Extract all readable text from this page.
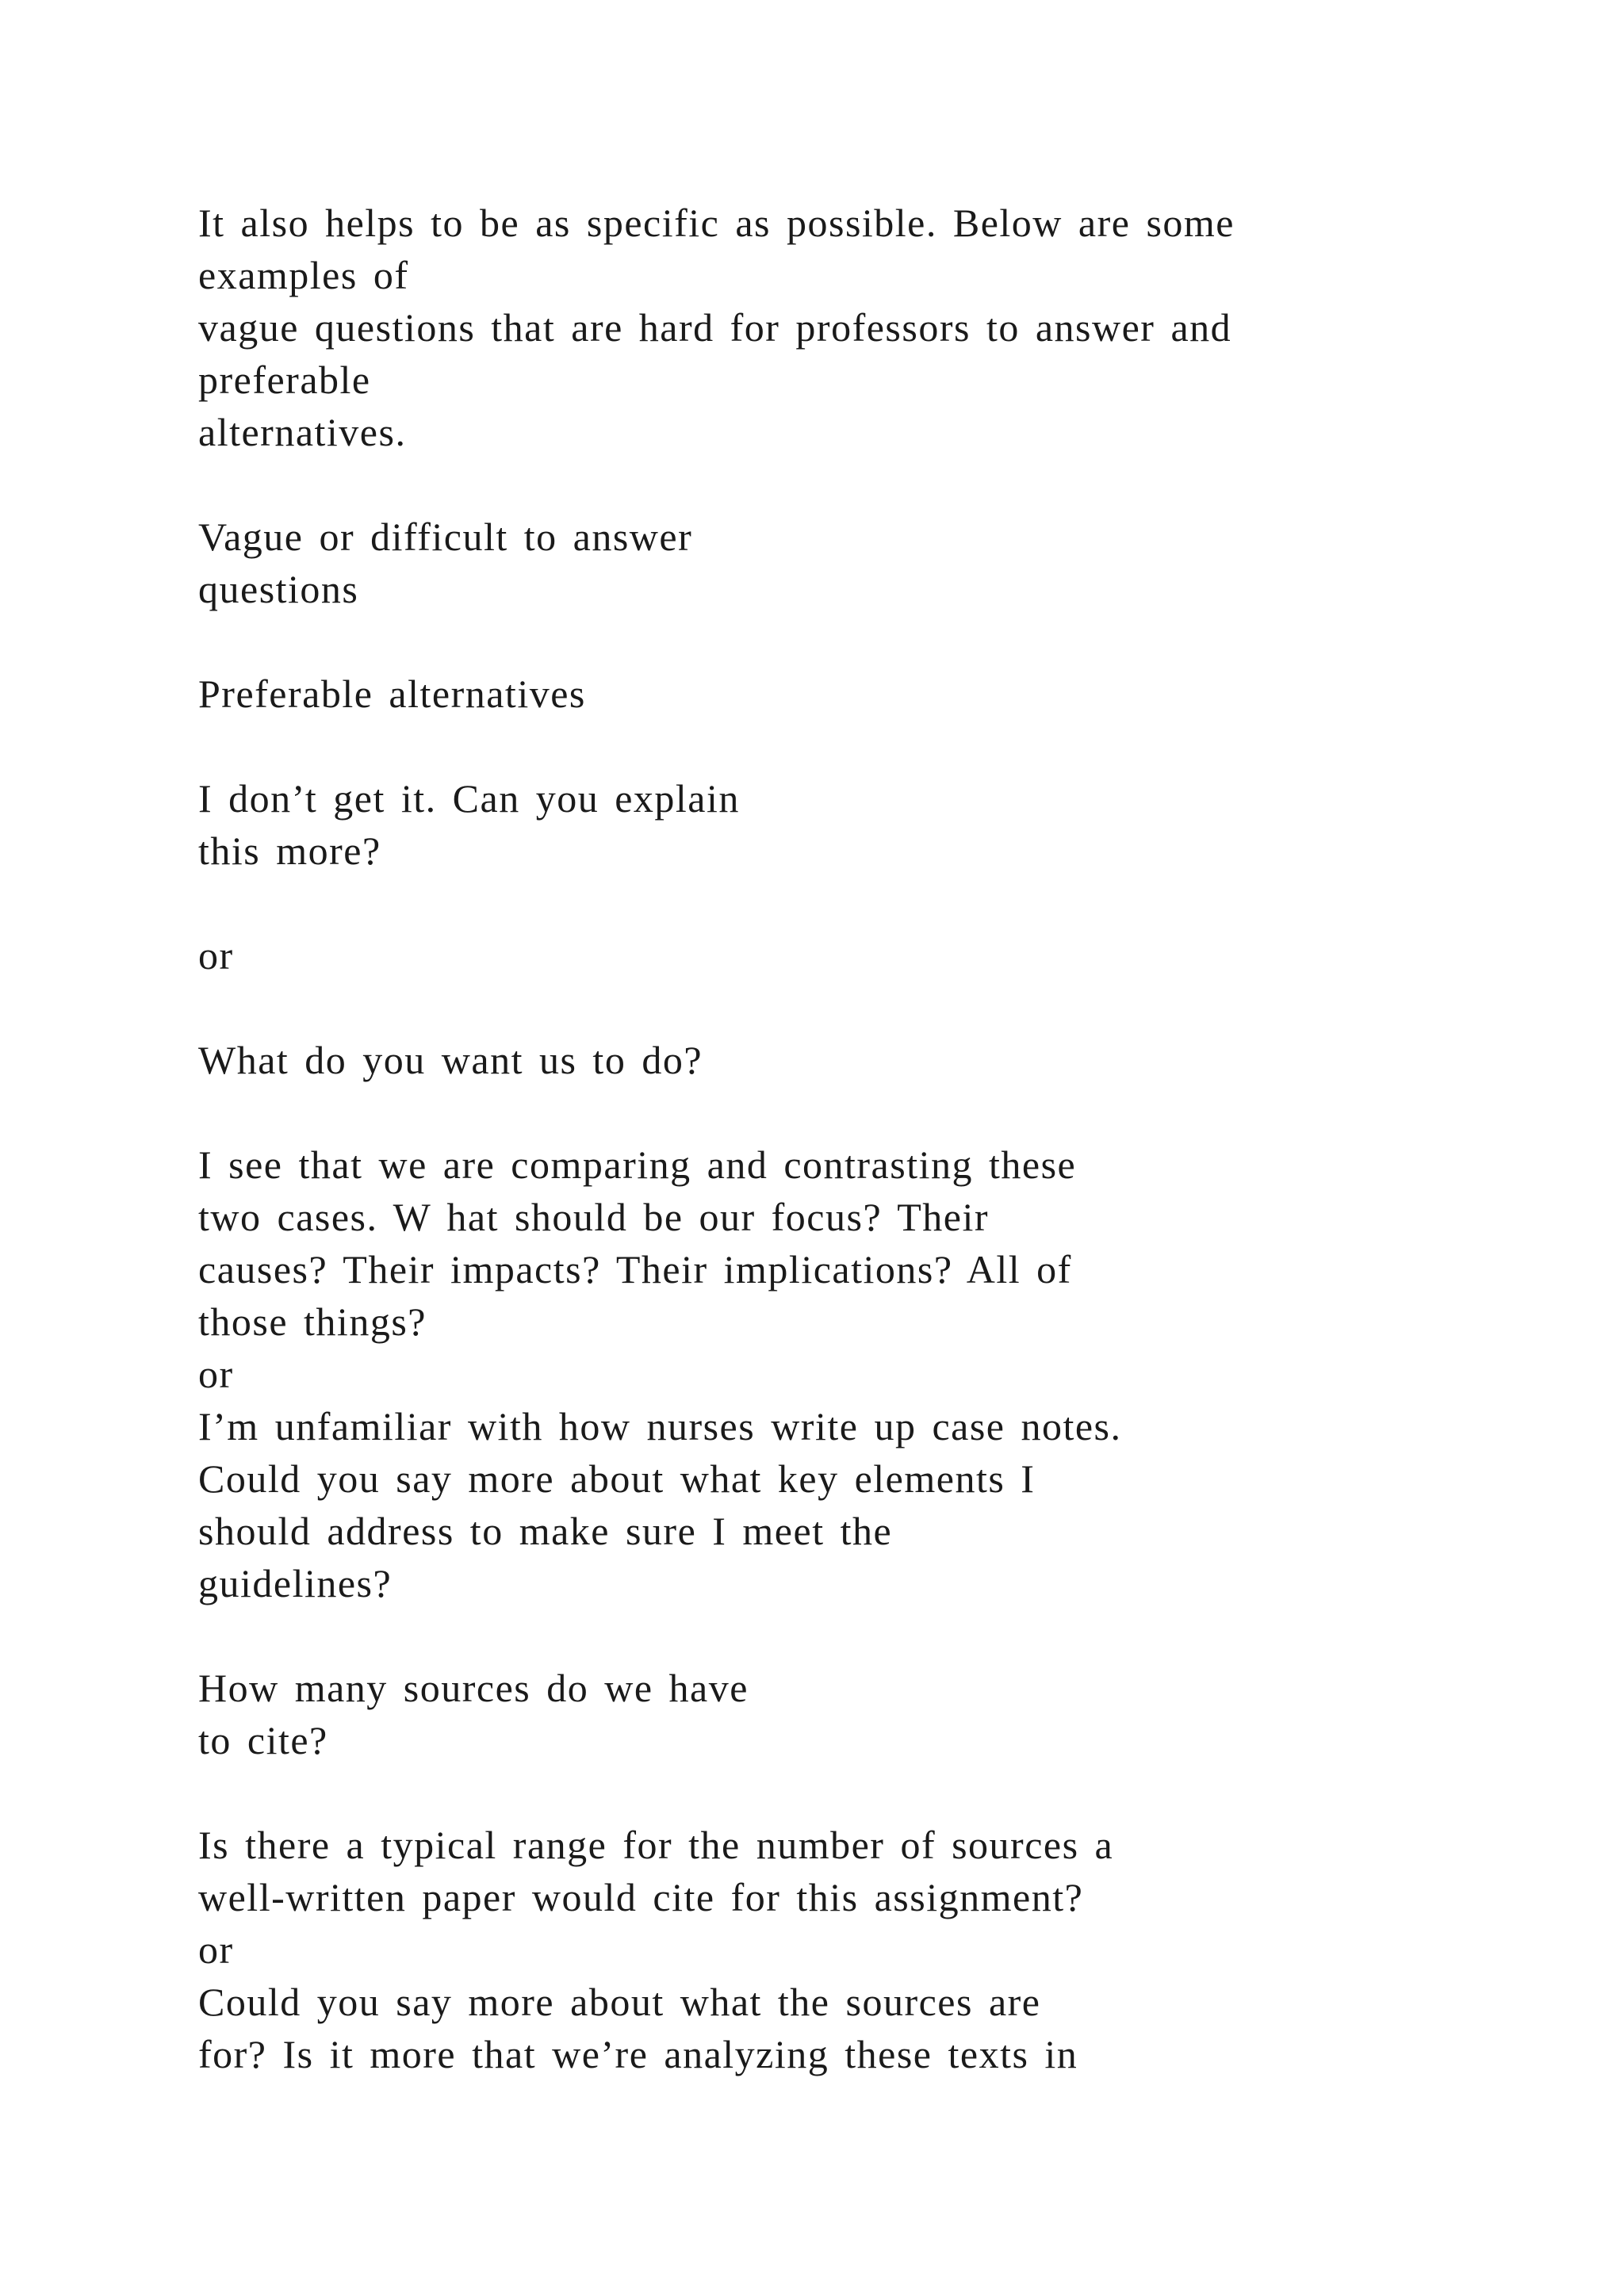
It also helps to be as specific as possible. Below are some
examples of
vague questions that are hard for professors to answer and
preferable
alternatives.
Vague or difficult to answer
questions
Preferable alternatives
I don’t get it. Can you explain
this more?
or
What do you want us to do?
I see that we are comparing and contrasting these
two cases. W hat should be our focus? Their
causes? Their impacts? Their implications? All of
those things?
or
I’m unfamiliar with how nurses write up case notes.
Could you say more about what key elements I
should address to make sure I meet the
guidelines?
How many sources do we have
to cite?
Is there a typical range for the number of sources a
well-written paper would cite for this assignment?
or
Could you say more about what the sources are
for? Is it more that we’re analyzing these texts in
